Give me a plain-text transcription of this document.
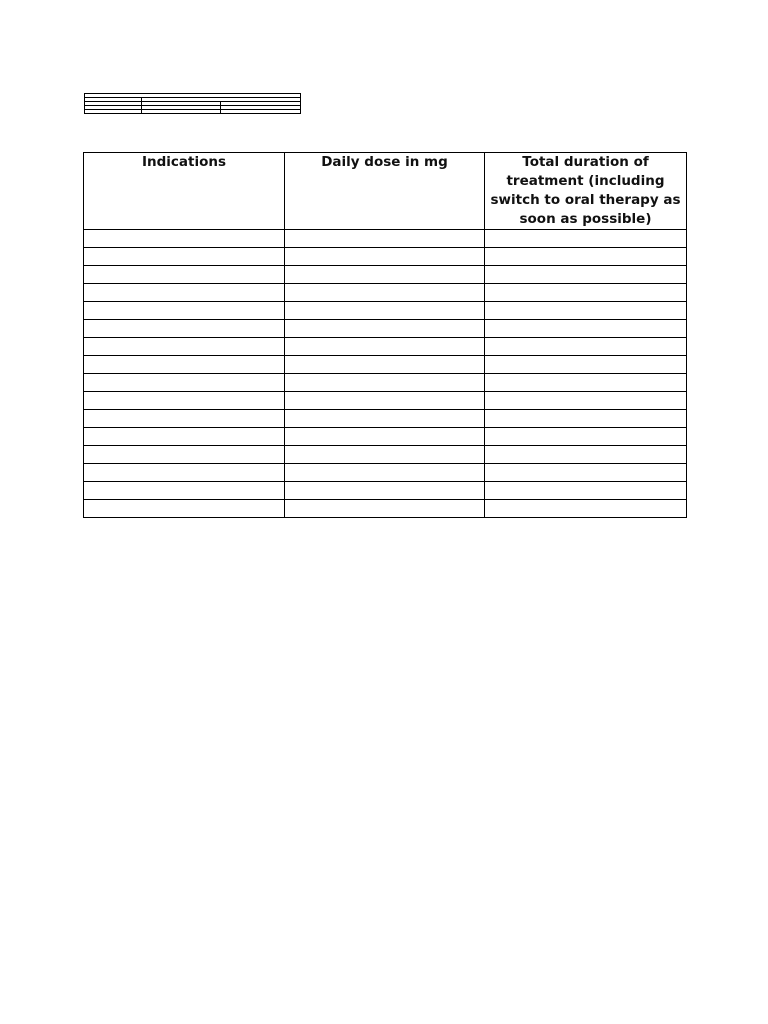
Indications	Daily dose in mg	Total duration of treatment (including switch to oral therapy as soon as possible)
